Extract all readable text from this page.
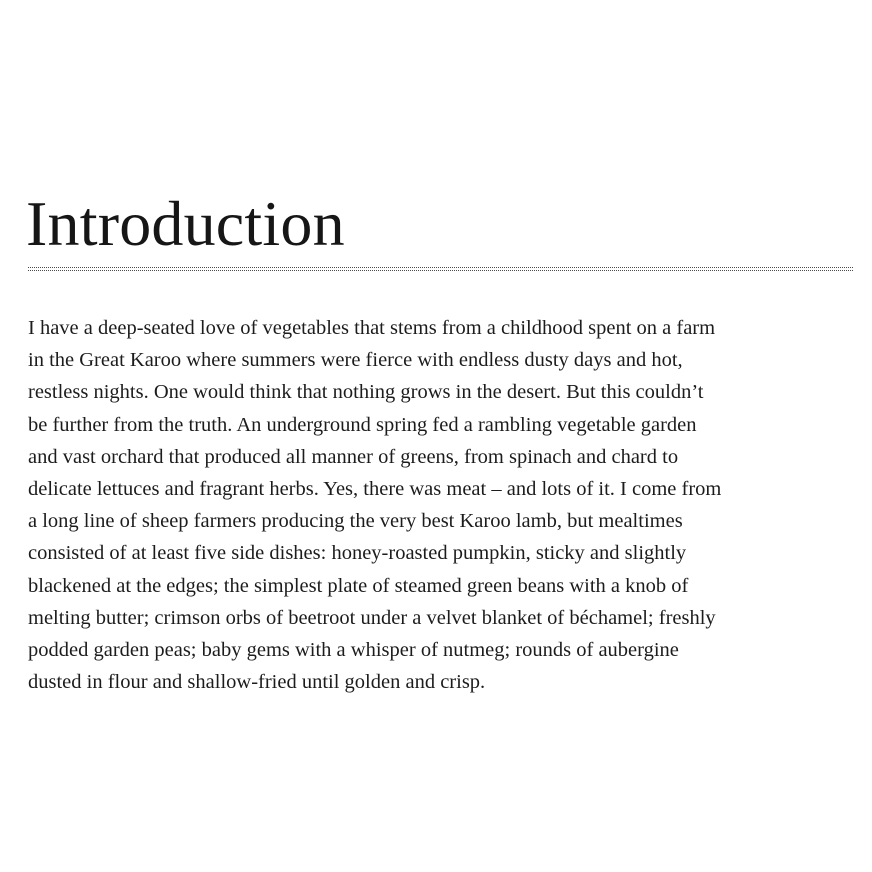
Introduction
I have a deep-seated love of vegetables that stems from a childhood spent on a farm
in the Great Karoo where summers were fierce with endless dusty days and hot,
restless nights. One would think that nothing grows in the desert. But this couldn’t
be further from the truth. An underground spring fed a rambling vegetable garden
and vast orchard that produced all manner of greens, from spinach and chard to
delicate lettuces and fragrant herbs. Yes, there was meat – and lots of it. I come from
a long line of sheep farmers producing the very best Karoo lamb, but mealtimes
consisted of at least five side dishes: honey-roasted pumpkin, sticky and slightly
blackened at the edges; the simplest plate of steamed green beans with a knob of
melting butter; crimson orbs of beetroot under a velvet blanket of béchamel; freshly
podded garden peas; baby gems with a whisper of nutmeg; rounds of aubergine
dusted in flour and shallow-fried until golden and crisp.
